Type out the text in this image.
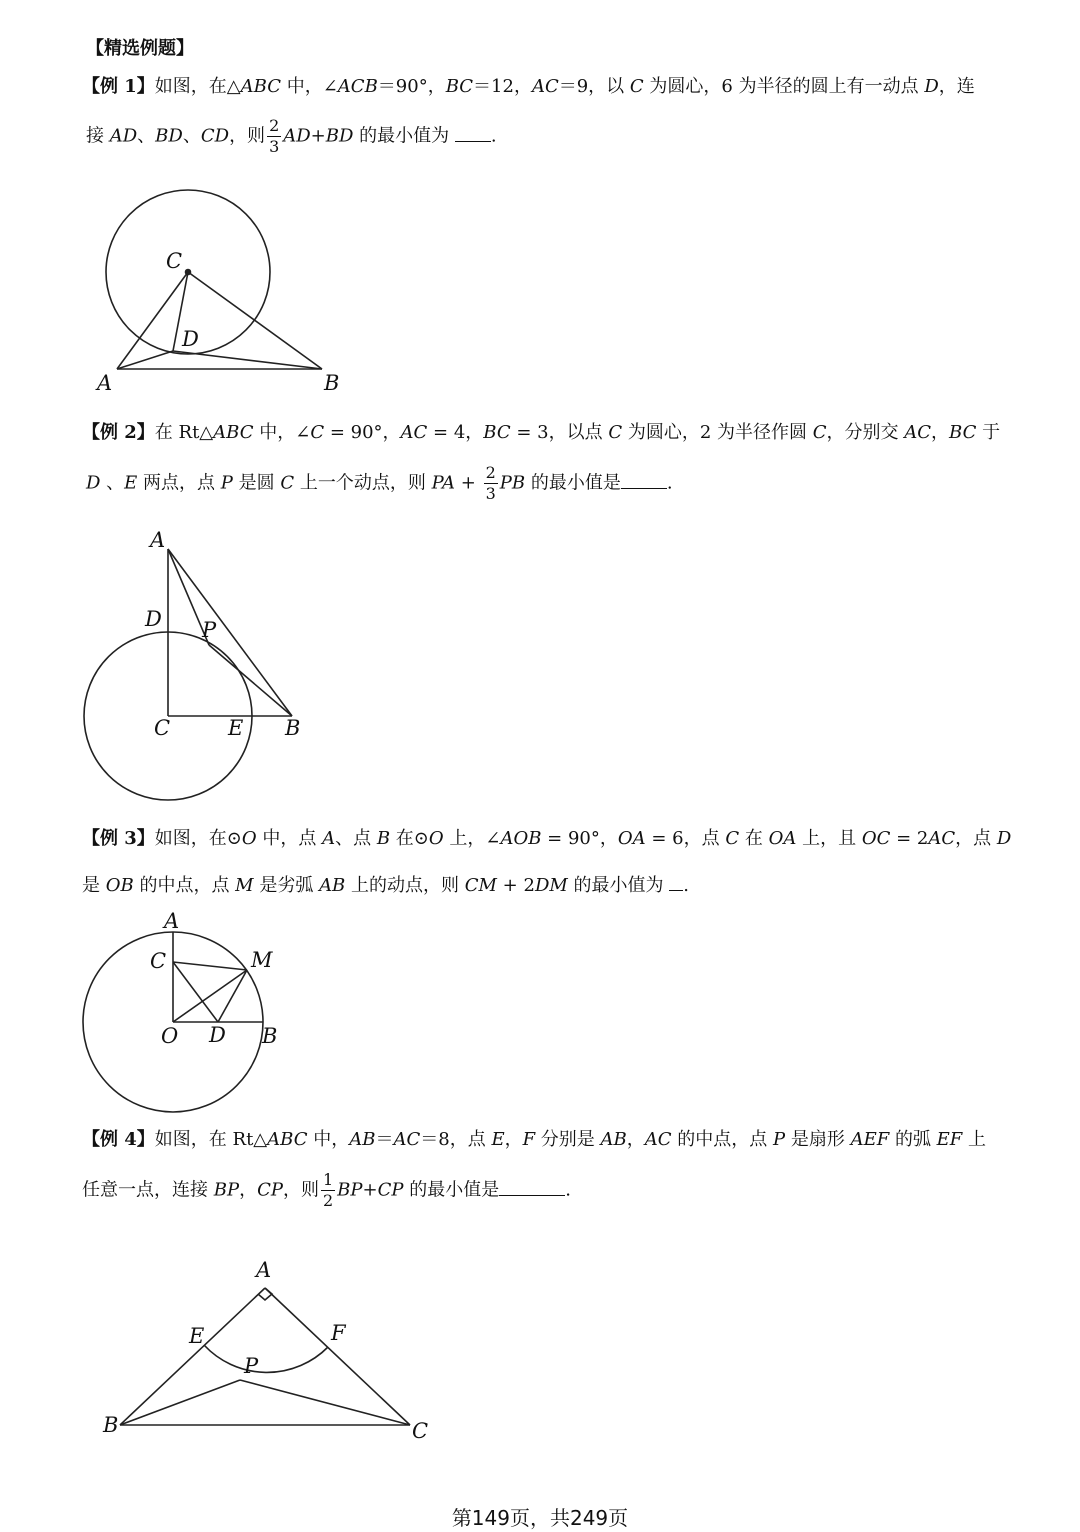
【精选例题】
【例 1】如图，在△ABC 中，∠ACB＝90°，BC＝12，AC＝9，以 C 为圆心，6 为半径的圆上有一动点 D，连
接 AD、BD、CD，则 $\frac{2}{3} AD+BD$ 的最小值为 .
C
D
A	B
【例 2】在 Rt△ABC 中，∠C = 90°，AC = 4，BC = 3，以点 C 为圆心，2 为半径作圆 C，分别交 AC，BC 于
D 、E 两点，点 P 是圆 C 上一个动点，则 PA + $\frac{2}{3}$ PB 的最小值是	.
A
D P
C	E B
【例 3】如图，在⊙O 中，点 A、点 B 在⊙O 上，∠AOB = 90°，OA = 6，点 C 在 OA 上，且 OC = 2AC，点 D
是 OB 的中点，点 M 是劣弧 AB 上的动点，则 CM + 2DM 的最小值为 .
A
C	M
O D B
【例 4】如图，在 Rt△ABC 中，AB＝AC＝8，点 E，F 分别是 AB，AC 的中点，点 P 是扇形 AEF 的弧 EF 上
任意一点，连接 BP，CP，则 $\frac{1}{2} BP+CP$ 的最小值是	.
A
E	F
P
B	C
第149页，共249页
